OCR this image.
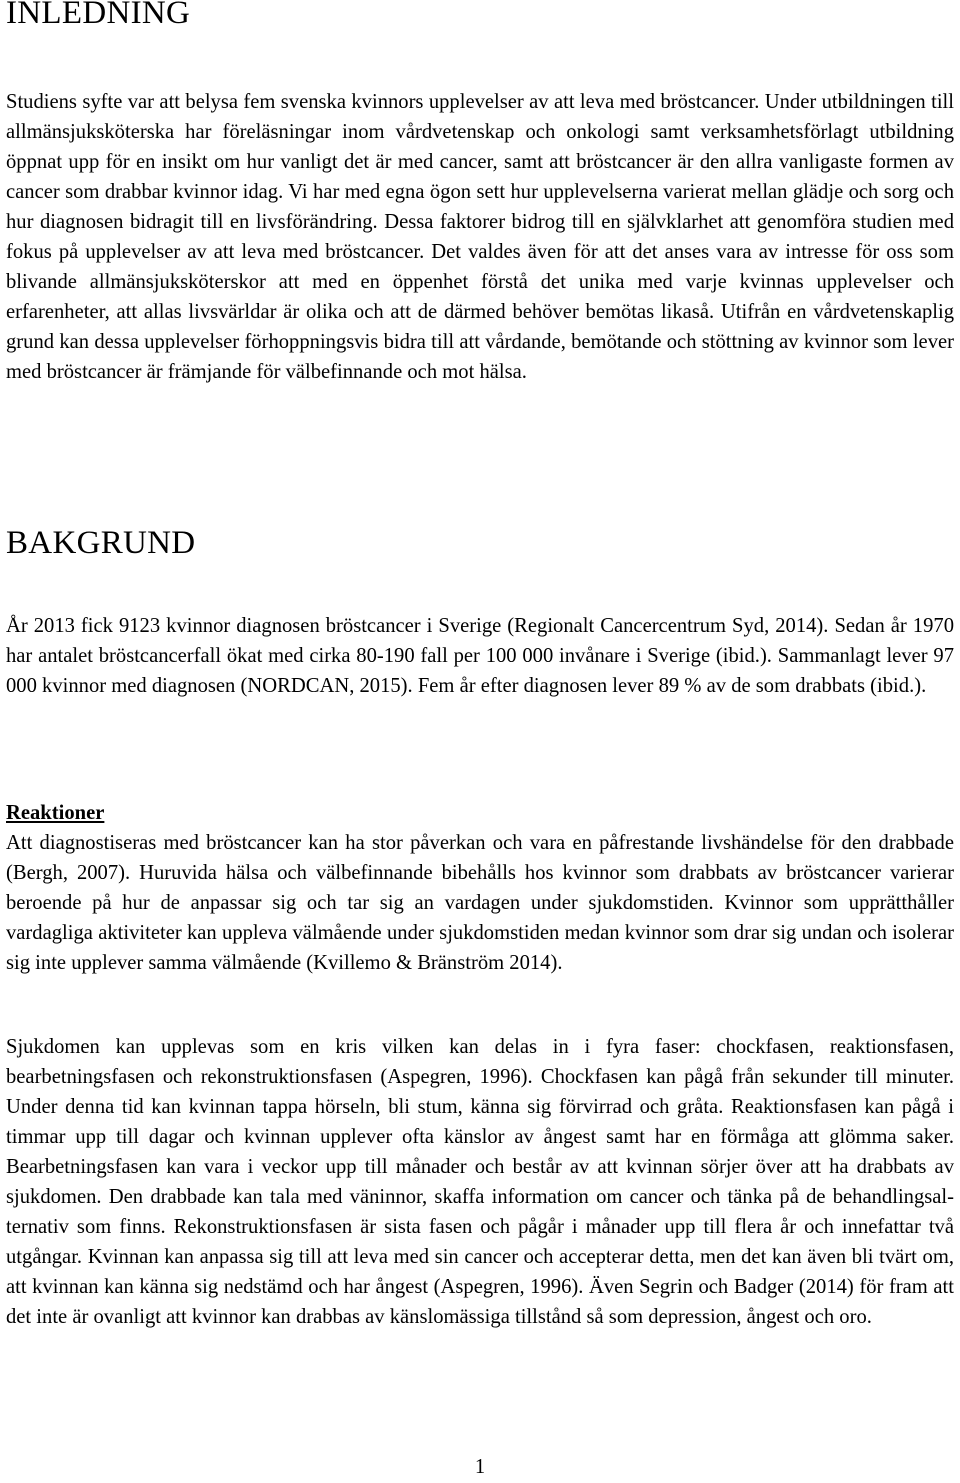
INLEDNING

Studiens syfte var att belysa fem svenska kvinnors upplevelser av att leva med bröstcancer. Under utbildningen till allmänsjuksköterska har föreläsningar inom vårdvetenskap och onkologi samt verksamhetsförlagt utbildning öppnat upp för en insikt om hur vanligt det är med cancer, samt att bröstcancer är den allra vanligaste formen av cancer som drabbar kvinnor idag. Vi har med egna ögon sett hur upplevelserna varierat mellan glädje och sorg och hur diagnosen bidragit till en livsförändring. Dessa faktorer bidrog till en självklarhet att genomföra studien med fokus på upplevelser av att leva med bröstcancer. Det valdes även för att det anses vara av intresse för oss som blivande allmänsjuksköterskor att med en öppenhet förstå det unika med varje kvinnas upplevelser och erfarenheter, att allas livsvärldar är olika och att de därmed behöver bemötas likaså. Utifrån en vårdvetenskaplig grund kan dessa upplevelser förhoppningsvis bidra till att vårdande, bemötande och stöttning av kvinnor som lever med bröstcancer är främjande för välbefinnande och mot hälsa.

BAKGRUND

År 2013 fick 9123 kvinnor diagnosen bröstcancer i Sverige (Regionalt Cancercentrum Syd, 2014). Sedan år 1970 har antalet bröstcancerfall ökat med cirka 80-190 fall per 100 000 invånare i Sverige (ibid.). Sammanlagt lever 97 000 kvinnor med diagnosen (NORDCAN, 2015). Fem år efter diagnosen lever 89 % av de som drabbats (ibid.).

Reaktioner

Att diagnostiseras med bröstcancer kan ha stor påverkan och vara en påfrestande livshändelse för den drabbade (Bergh, 2007). Huruvida hälsa och välbefinnande bibehålls hos kvinnor som drabbats av bröstcancer varierar beroende på hur de anpassar sig och tar sig an vardagen under sjukdomstiden. Kvinnor som upprätthåller vardagliga aktiviteter kan uppleva välmående under sjukdomstiden medan kvinnor som drar sig undan och isolerar sig inte upplever samma välmående (Kvillemo & Bränström 2014).

Sjukdomen kan upplevas som en kris vilken kan delas in i fyra faser: chockfasen, reaktionsfasen, bearbetningsfasen och rekonstruktionsfasen (Aspegren, 1996). Chockfasen kan pågå från sekunder till minuter. Under denna tid kan kvinnan tappa hörseln, bli stum, känna sig förvirrad och gråta. Reaktionsfasen kan pågå i timmar upp till dagar och kvinnan upplever ofta känslor av ångest samt har en förmåga att glömma saker. Bearbetningsfasen kan vara i veckor upp till månader och består av att kvinnan sörjer över att ha drabbats av sjukdomen. Den drabbade kan tala med väninnor, skaffa information om cancer och tänka på de behandlingsalternativ som finns. Rekonstruktionsfasen är sista fasen och pågår i månader upp till flera år och innefattar två utgångar. Kvinnan kan anpassa sig till att leva med sin cancer och accepterar detta, men det kan även bli tvärt om, att kvinnan kan känna sig nedstämd och har ångest (Aspegren, 1996). Även Segrin och Badger (2014) för fram att det inte är ovanligt att kvinnor kan drabbas av känslomässiga tillstånd så som depression, ångest och oro.

1
